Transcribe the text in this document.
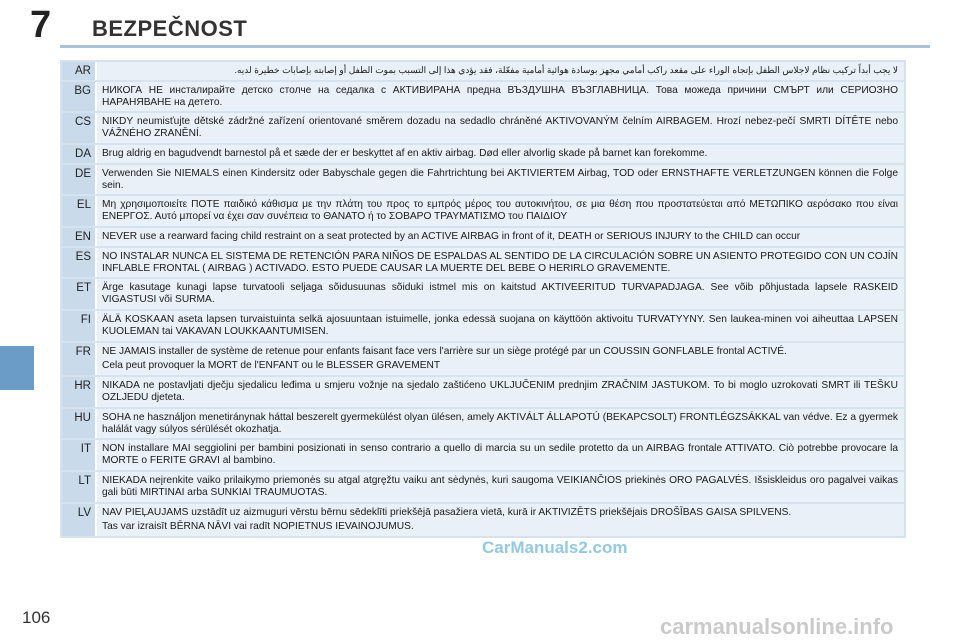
7 BEZPEČNOST
AR	لا يجب أبداً تركيب نظام لاجلاس الطفل بإتجاه الوراء على مقعد راكب أمامي مجهز بوسادة هوائية أمامية مفعّلة، فقد يؤدي هذا إلى التسبب بموت الطفل أو إصابته بإصابات خطيرة لديه.

BG	НИКОГА НЕ инсталирайте детско столче на седалка с АКТИВИРАНА предна ВЪЗДУШНА ВЪЗГЛАВНИЦА. Това можеда причини СМЪРТ или СЕРИОЗНО НАРАНЯВАНЕ на детето.

CS	NIKDY neumisťujte dětské zádržné zařízení orientované směrem dozadu na sedadlo chráněné AKTIVOVANÝM čelním AIRBAGEM. Hrozí nebez-pečí SMRTI DÍTĚTE nebo VÁŽNÉHO ZRANĚNÍ.

DA	Brug aldrig en bagudvendt barnestol på et sæde der er beskyttet af en aktiv airbag. Død eller alvorlig skade på barnet kan forekomme.

DE	Verwenden Sie NIEMALS einen Kindersitz oder Babyschale gegen die Fahrtrichtung bei AKTIVIERTEM Airbag, TOD oder ERNSTHAFTE VERLETZUNGEN können die Folge sein.

EL	Μη χρησιμοποιείτε ΠΟΤΕ παιδικό κάθισμα με την πλάτη του προς το εμπρός μέρος του αυτοκινήτου, σε μια θέση που προστατεύεται από ΜΕΤΩΠΙΚΟ αερόσακο που είναι ΕΝΕΡΓΟΣ. Αυτό μπορεί να έχει σαν συνέπεια το ΘΑΝΑΤΟ ή το ΣΟΒΑΡΟ ΤΡΑΥΜΑΤΙΣΜΟ του ΠΑΙΔΙΟΥ

EN	NEVER use a rearward facing child restraint on a seat protected by an ACTIVE AIRBAG in front of it, DEATH or SERIOUS INJURY to the CHILD can occur

ES	NO INSTALAR NUNCA EL SISTEMA DE RETENCIÓN PARA NIÑOS DE ESPALDAS AL SENTIDO DE LA CIRCULACIÓN SOBRE UN ASIENTO PROTEGIDO CON UN COJÍN INFLABLE FRONTAL ( AIRBAG ) ACTIVADO. ESTO PUEDE CAUSAR LA MUERTE DEL BEBE O HERIRLO GRAVEMENTE.

ET	Ärge kasutage kunagi lapse turvatooli seljaga sõidusuunas sõiduki istmel mis on kaitstud AKTIVEERITUD TURVAPADJAGA. See võib põhjustada lapsele RASKEID VIGASTUSI või SURMA.

FI	ÄLÄ KOSKAAN aseta lapsen turvaistuinta selkä ajosuuntaan istuimelle, jonka edessä suojana on käyttöön aktivoitu TURVATYYNY. Sen laukea-minen voi aiheuttaa LAPSEN KUOLEMAN tai VAKAVAN LOUKKAANTUMISEN.

FR	NE JAMAIS installer de système de retenue pour enfants faisant face vers l'arrière sur un siège protégé par un COUSSIN GONFLABLE frontal ACTIVÉ.

Cela peut provoquer la MORT de l'ENFANT ou le BLESSER GRAVEMENT

HR	NIKADA ne postavljati dječju sjedalicu leđima u smjeru vožnje na sjedalo zaštićeno UKLJUČENIM prednjim ZRAČNIM JASTUKOM. To bi moglo uzrokovati SMRT ili TEŠKU OZLJEDU djeteta.

HU	SOHA ne használjon menetiránynak háttal beszerelt gyermekülést olyan ülésen, amely AKTIVÁLT ÁLLAPOTÚ (BEKAPCSOLT) FRONTLÉGZSÁKKAL van védve. Ez a gyermek halálát vagy súlyos sérülését okozhatja.

IT	NON installare MAI seggiolini per bambini posizionati in senso contrario a quello di marcia su un sedile protetto da un AIRBAG frontale ATTIVATO. Ciò potrebbe provocare la MORTE o FERITE GRAVI al bambino.

LT	NIEKADA neįrenkite vaiko prilaikymo priemonės su atgal atgręžtu vaiku ant sėdynės, kuri saugoma VEIKIANČIOS priekinės ORO PAGALVĖS. Išsiskleidus oro pagalvei vaikas gali būti MIRTINAI arba SUNKIAI TRAUMUOTAS.

LV	NAV PIEĻAUJAMS uzstādīt uz aizmuguri vērstu bērnu sēdeklīti priekšējā pasažiera vietā, kurā ir AKTIVIZĒTS priekšējais DROŠĪBAS GAISA SPILVENS.

Tas var izraisīt BĒRNA NĀVI vai radīt NOPIETNUS IEVAINOJUMUS.

CarManuals2.com
106	carmanualsonline.info
